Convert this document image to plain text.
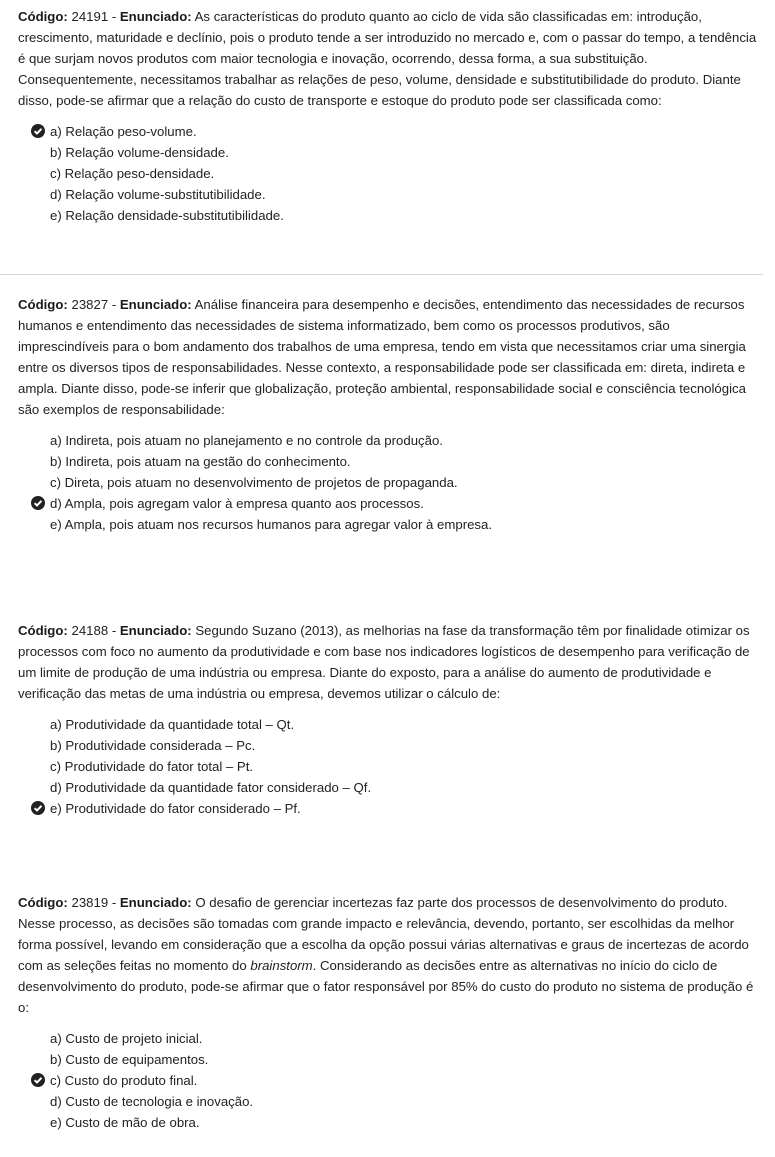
Código: 24191 - Enunciado: As características do produto quanto ao ciclo de vida são classificadas em: introdução, crescimento, maturidade e declínio, pois o produto tende a ser introduzido no mercado e, com o passar do tempo, a tendência é que surjam novos produtos com maior tecnologia e inovação, ocorrendo, dessa forma, a sua substituição. Consequentemente, necessitamos trabalhar as relações de peso, volume, densidade e substitutibilidade do produto. Diante disso, pode-se afirmar que a relação do custo de transporte e estoque do produto pode ser classificada como:

a) Relação peso-volume.
b) Relação volume-densidade.
c) Relação peso-densidade.
d) Relação volume-substitutibilidade.
e) Relação densidade-substitutibilidade.

Código: 23827 - Enunciado: Análise financeira para desempenho e decisões, entendimento das necessidades de recursos humanos e entendimento das necessidades de sistema informatizado, bem como os processos produtivos, são imprescindíveis para o bom andamento dos trabalhos de uma empresa, tendo em vista que necessitamos criar uma sinergia entre os diversos tipos de responsabilidades. Nesse contexto, a responsabilidade pode ser classificada em: direta, indireta e ampla. Diante disso, pode-se inferir que globalização, proteção ambiental, responsabilidade social e consciência tecnológica são exemplos de responsabilidade:

a) Indireta, pois atuam no planejamento e no controle da produção.
b) Indireta, pois atuam na gestão do conhecimento.
c) Direta, pois atuam no desenvolvimento de projetos de propaganda.
d) Ampla, pois agregam valor à empresa quanto aos processos.
e) Ampla, pois atuam nos recursos humanos para agregar valor à empresa.

Código: 24188 - Enunciado: Segundo Suzano (2013), as melhorias na fase da transformação têm por finalidade otimizar os processos com foco no aumento da produtividade e com base nos indicadores logísticos de desempenho para verificação de um limite de produção de uma indústria ou empresa. Diante do exposto, para a análise do aumento de produtividade e verificação das metas de uma indústria ou empresa, devemos utilizar o cálculo de:

a) Produtividade da quantidade total – Qt.
b) Produtividade considerada – Pc.
c) Produtividade do fator total – Pt.
d) Produtividade da quantidade fator considerado – Qf.
e) Produtividade do fator considerado – Pf.

Código: 23819 - Enunciado: O desafio de gerenciar incertezas faz parte dos processos de desenvolvimento do produto. Nesse processo, as decisões são tomadas com grande impacto e relevância, devendo, portanto, ser escolhidas da melhor forma possível, levando em consideração que a escolha da opção possui várias alternativas e graus de incertezas de acordo com as seleções feitas no momento do brainstorm. Considerando as decisões entre as alternativas no início do ciclo de desenvolvimento do produto, pode-se afirmar que o fator responsável por 85% do custo do produto no sistema de produção é o:

a) Custo de projeto inicial.
b) Custo de equipamentos.
c) Custo do produto final.
d) Custo de tecnologia e inovação.
e) Custo de mão de obra.
